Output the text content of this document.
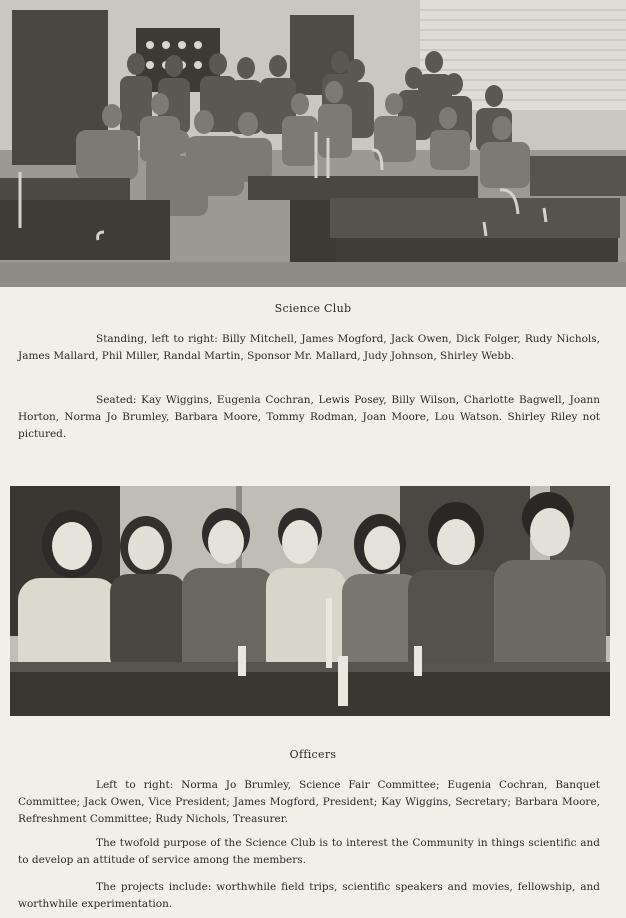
Science Club

Standing, left to right: Billy Mitchell, James Mogford, Jack Owen, Dick Folger, Rudy Nichols, James Mallard, Phil Miller, Randal Martin, Sponsor Mr. Mallard, Judy Johnson, Shirley Webb.

Seated: Kay Wiggins, Eugenia Cochran, Lewis Posey, Billy Wilson, Charlotte Bagwell, Joann Horton, Norma Jo Brumley, Barbara Moore, Tommy Rodman, Joan Moore, Lou Watson. Shirley Riley not pictured.

Officers

Left to right: Norma Jo Brumley, Science Fair Committee; Eugenia Cochran, Banquet Committee; Jack Owen, Vice President; James Mogford, President; Kay Wiggins, Secretary; Barbara Moore, Refreshment Committee; Rudy Nichols, Treasurer.

The twofold purpose of the Science Club is to interest the Community in things scientific and to develop an attitude of service among the members.

The projects include: worthwhile field trips, scientific speakers and movies, fellowship, and worthwhile experimentation.
